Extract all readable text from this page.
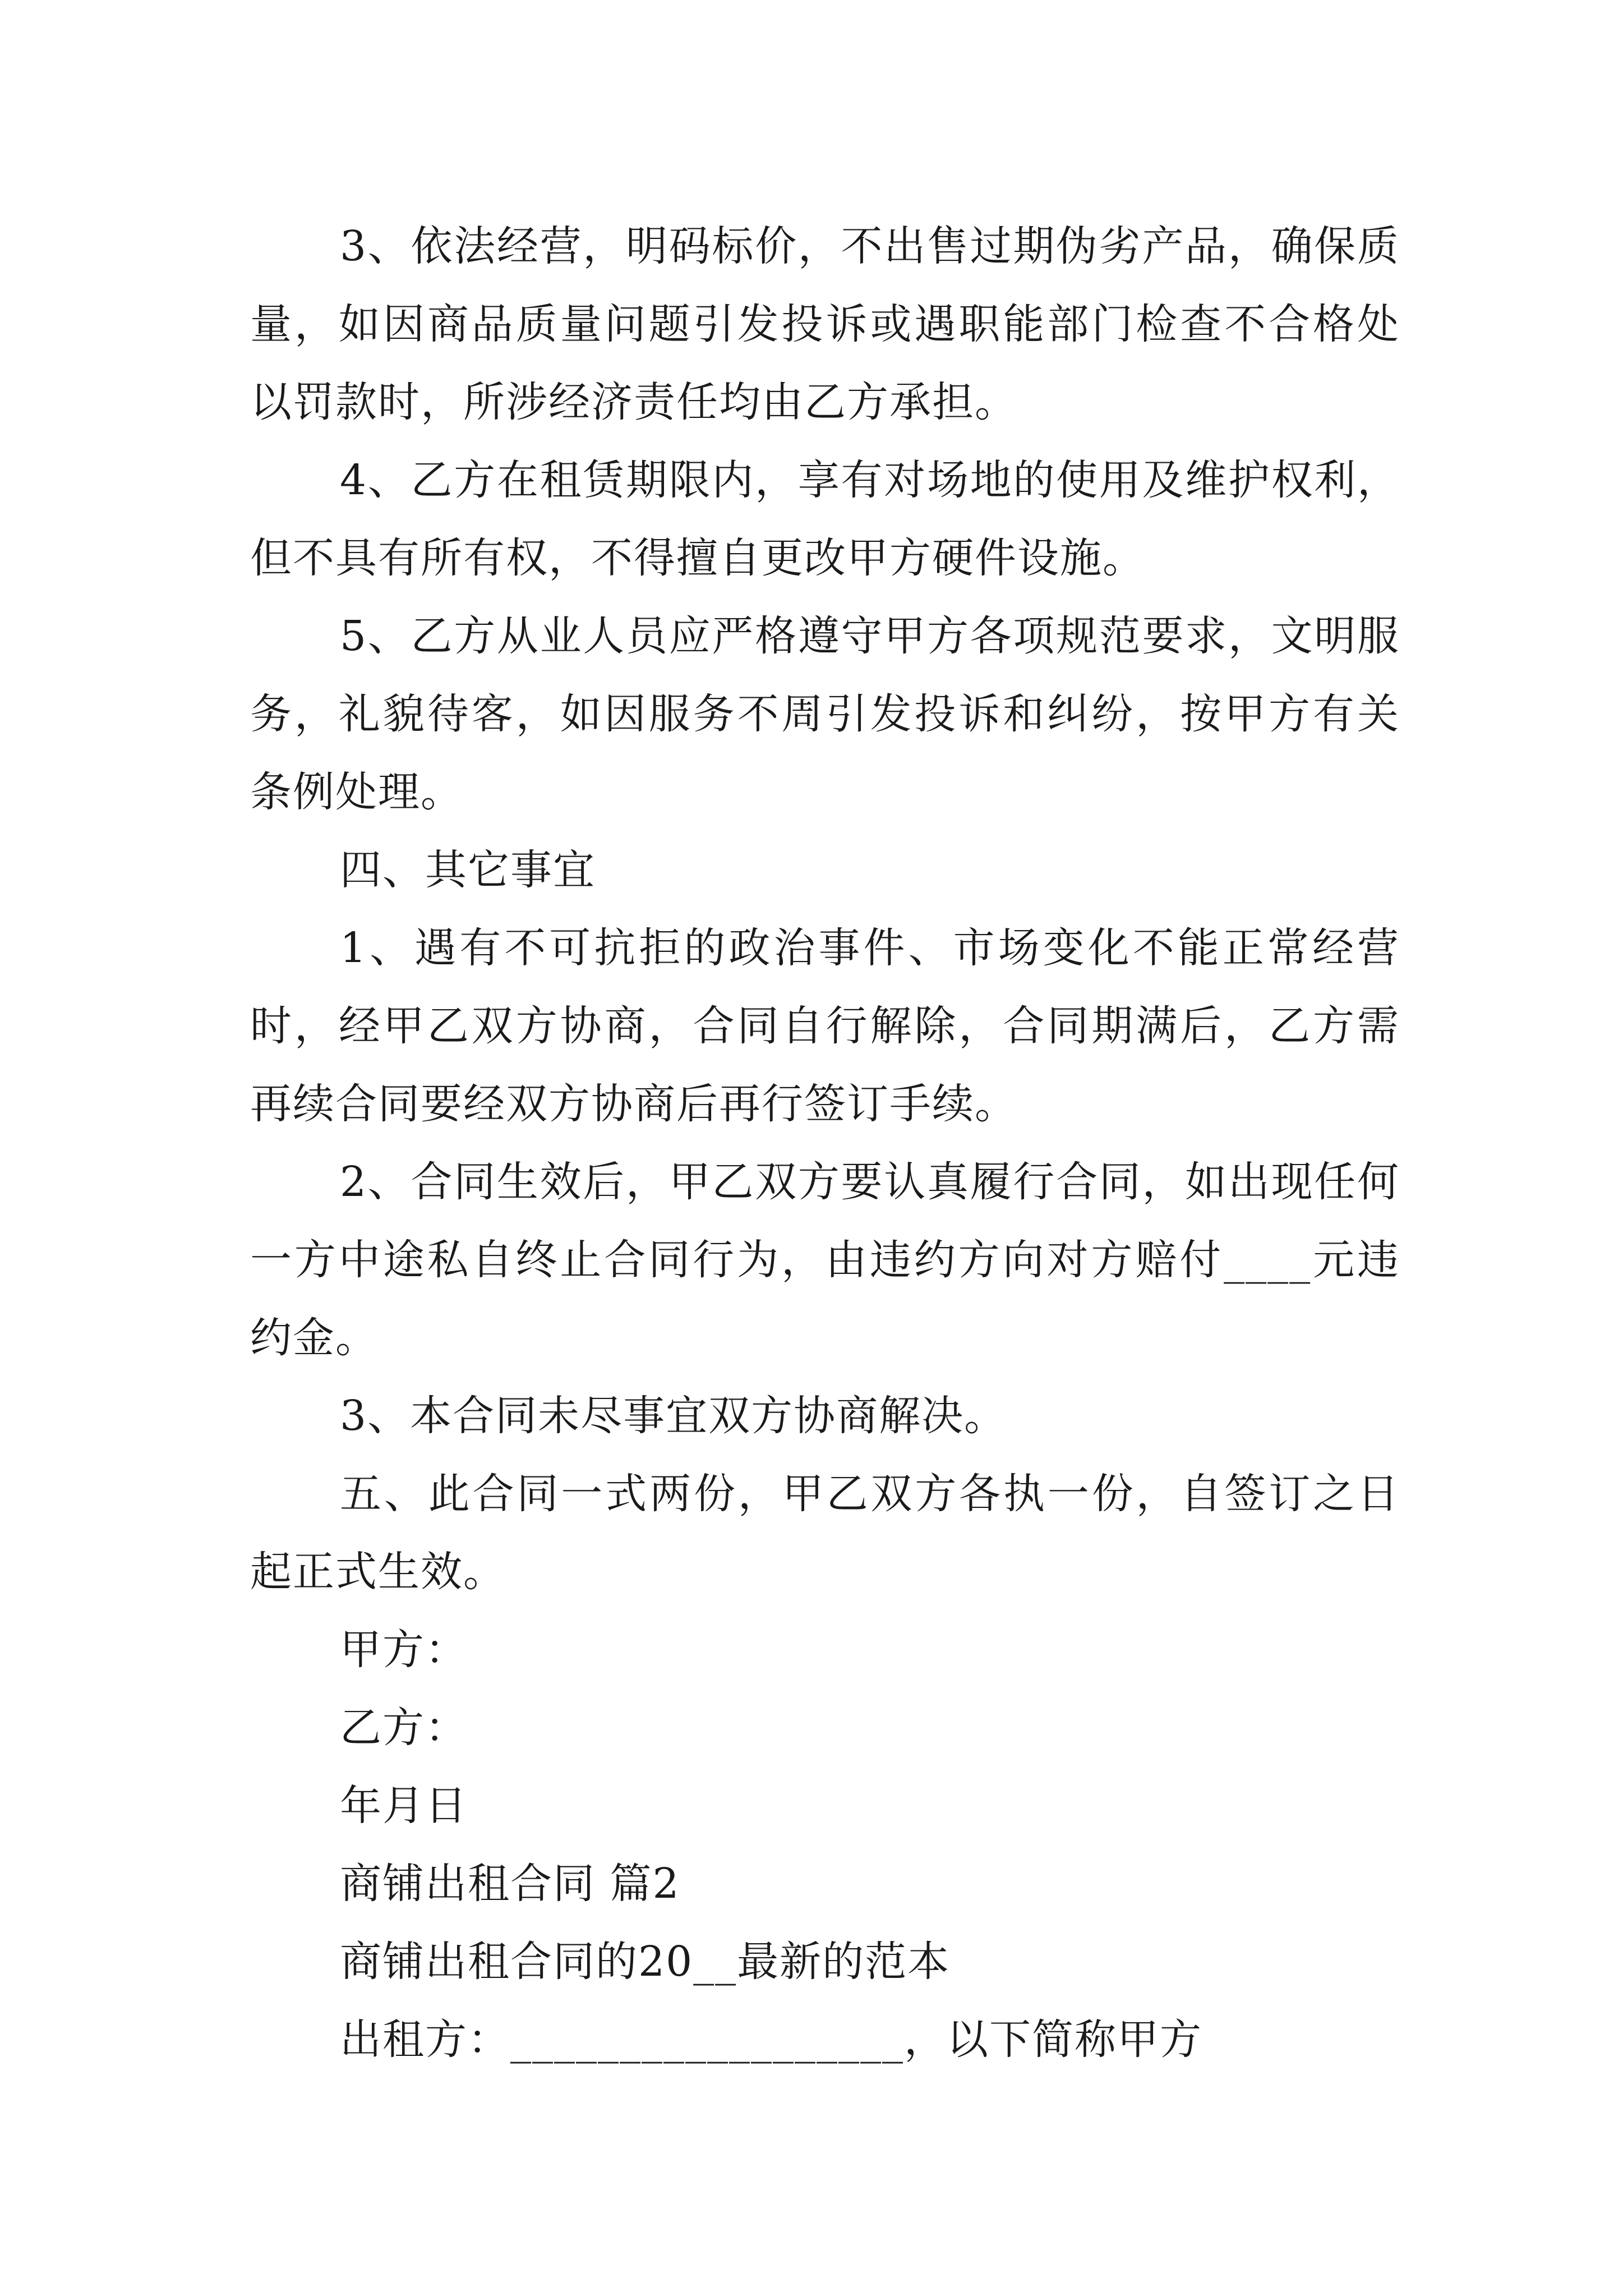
3、依法经营，明码标价，不出售过期伪劣产品，确保质量，如因商品质量问题引发投诉或遇职能部门检查不合格处以罚款时，所涉经济责任均由乙方承担。

4、乙方在租赁期限内，享有对场地的使用及维护权利，但不具有所有权，不得擅自更改甲方硬件设施。

5、乙方从业人员应严格遵守甲方各项规范要求，文明服务，礼貌待客，如因服务不周引发投诉和纠纷，按甲方有关条例处理。

四、其它事宜

1、遇有不可抗拒的政治事件、市场变化不能正常经营时，经甲乙双方协商，合同自行解除，合同期满后，乙方需再续合同要经双方协商后再行签订手续。

2、合同生效后，甲乙双方要认真履行合同，如出现任何一方中途私自终止合同行为，由违约方向对方赔付____元违约金。

3、本合同未尽事宜双方协商解决。

五、此合同一式两份，甲乙双方各执一份，自签订之日起正式生效。

甲方：

乙方：

年月日

商铺出租合同 篇2

商铺出租合同的20__最新的范本

出租方：__________________，以下简称甲方
